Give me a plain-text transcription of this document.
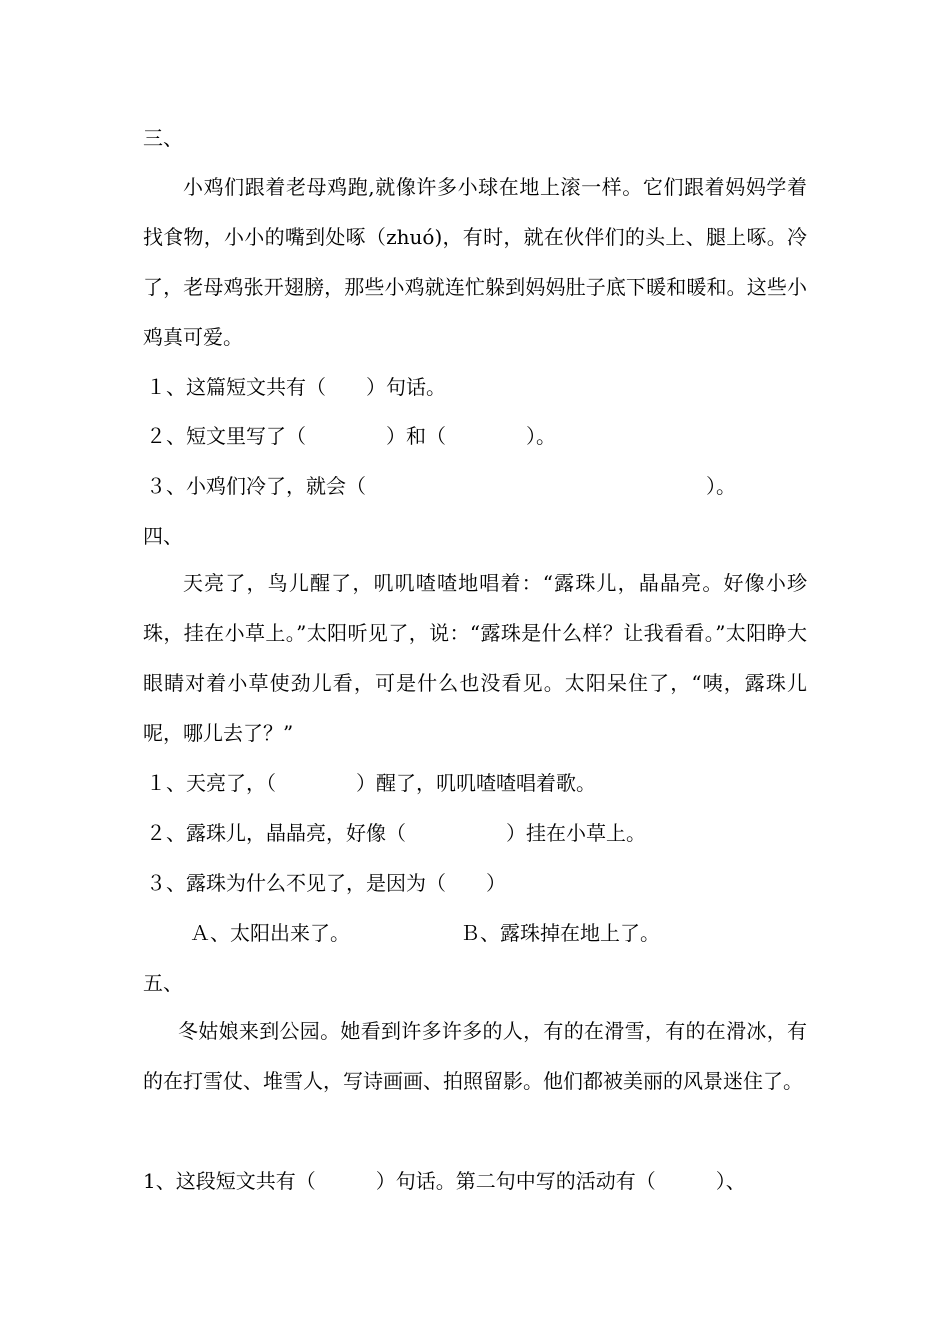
三、
小鸡们跟着老母鸡跑,就像许多小球在地上滚一样。它们跟着妈妈学着找食物，小小的嘴到处啄（zhuó)，有时，就在伙伴们的头上、腿上啄。冷了，老母鸡张开翅膀，那些小鸡就连忙躲到妈妈肚子底下暖和暖和。这些小鸡真可爱。
１、这篇短文共有（　　）句话。
２、短文里写了（　　　　）和（　　　　）。
３、小鸡们冷了，就会（　　　　　　　　　　　　　　　　　）。
四、
天亮了，鸟儿醒了，叽叽喳喳地唱着：“露珠儿，晶晶亮。好像小珍珠，挂在小草上。”太阳听见了，说：“露珠是什么样？让我看看。”太阳睁大眼睛对着小草使劲儿看，可是什么也没看见。太阳呆住了，“咦，露珠儿呢，哪儿去了？”
１、天亮了，（　　　　）醒了，叽叽喳喳唱着歌。
２、露珠儿，晶晶亮，好像（　　　　　）挂在小草上。
３、露珠为什么不见了，是因为（　　）
Ａ、太阳出来了。	Ｂ、露珠掉在地上了。
五、
冬姑娘来到公园。她看到许多许多的人，有的在滑雪，有的在滑冰，有的在打雪仗、堆雪人，写诗画画、拍照留影。他们都被美丽的风景迷住了。
1、这段短文共有（　　　）句话。第二句中写的活动有（　　　）、
